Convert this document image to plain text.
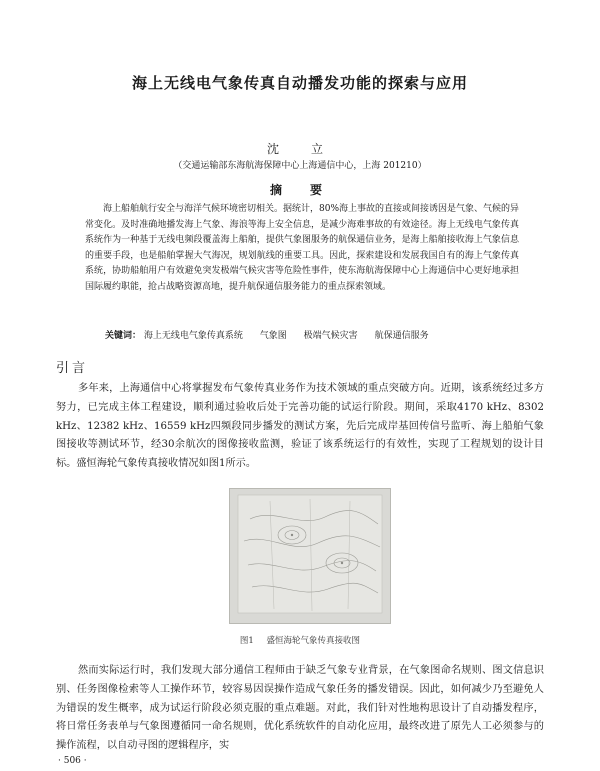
海上无线电气象传真自动播发功能的探索与应用
沈　立
（交通运输部东海航海保障中心上海通信中心，上海 201210）
摘　要

海上船舶航行安全与海洋气候环境密切相关。据统计，80%海上事故的直接或间接诱因是气象、气候的异常变化。及时准确地播发海上气象、海浪等海上安全信息，是减少海难事故的有效途径。海上无线电气象传真系统作为一种基于无线电频段覆盖海上船舶，提供气象图服务的航保通信业务，是海上船舶接收海上气象信息的重要手段，也是船舶掌握大气海况，规划航线的重要工具。因此，探索建设和发展我国自有的海上气象传真系统，协助船舶用户有效避免突发极端气候灾害等危险性事件，使东海航海保障中心上海通信中心更好地承担国际履约职能，抢占战略资源高地，提升航保通信服务能力的重点探索领域。

关键词： 海上无线电气象传真系统 气象图 极端气候灾害 航保通信服务
引言

多年来，上海通信中心将掌握发布气象传真业务作为技术领域的重点突破方向。近期，该系统经过多方努力，已完成主体工程建设，顺利通过验收后处于完善功能的试运行阶段。期间，采取4170 kHz、8302 kHz、12382 kHz、16559 kHz四频段同步播发的测试方案，先后完成岸基回传信号监听、海上船舶气象图接收等测试环节，经30余航次的图像接收监测，验证了该系统运行的有效性，实现了工程规划的设计目标。盛恒海轮气象传真接收情况如图1所示。

图1 盛恒海轮气象传真接收图

然而实际运行时，我们发现大部分通信工程师由于缺乏气象专业背景，在气象图命名规则、图文信息识别、任务图像检索等人工操作环节，较容易因误操作造成气象任务的播发错误。因此，如何减少乃至避免人为错误的发生概率，成为试运行阶段必须克服的重点难题。对此，我们针对性地构思设计了自动播发程序，将日常任务表单与气象图遵循同一命名规则，优化系统软件的自动化应用，最终改进了原先人工必须参与的操作流程，以自动寻图的逻辑程序，实

· 506 ·
